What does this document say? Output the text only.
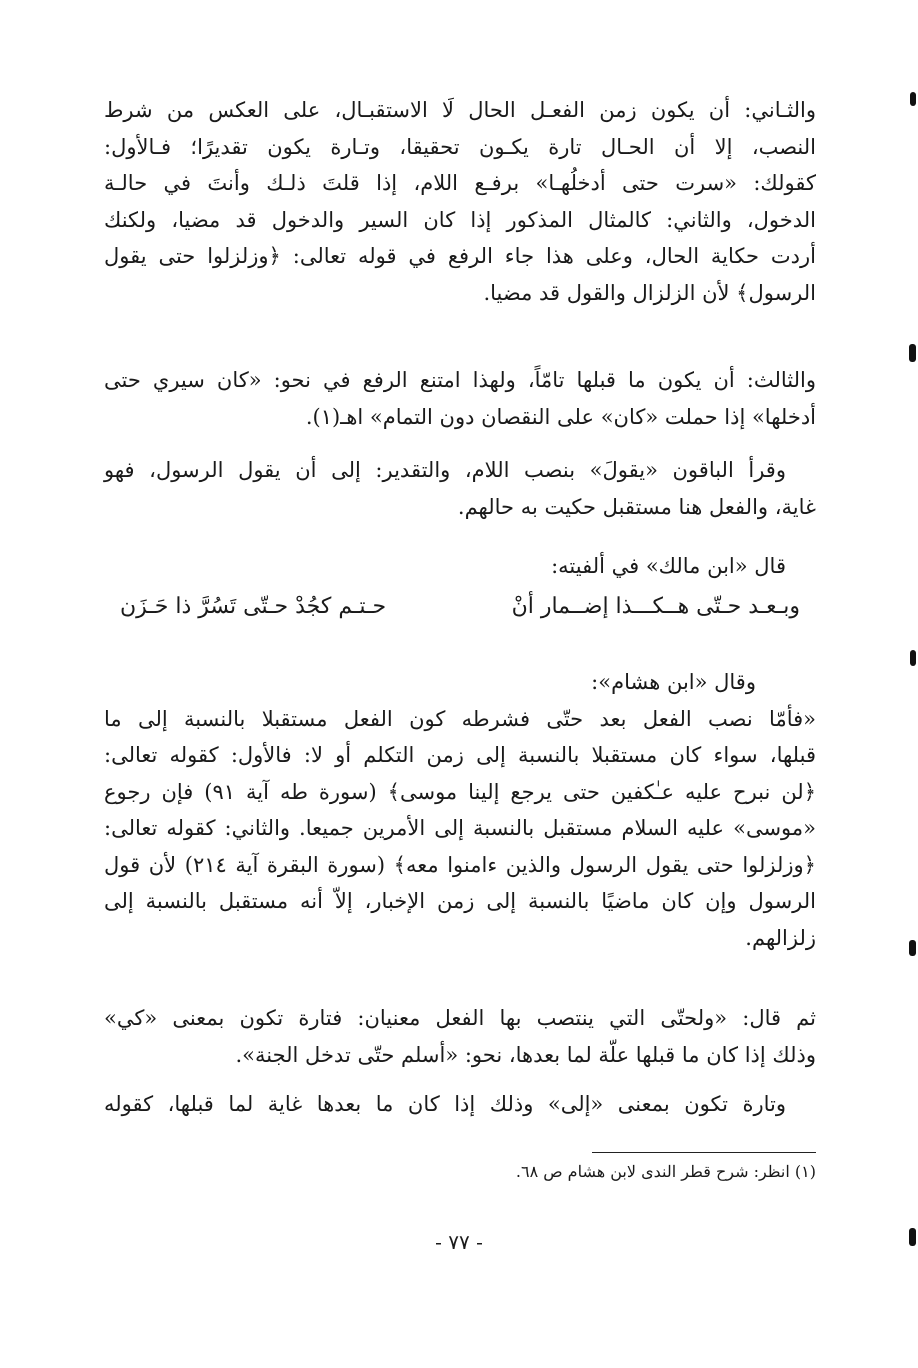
والثـاني: أن يكون زمن الفعـل الحال لَا الاستقبـال، على العكس من شرط
النصب، إلا أن الحـال تارة يكـون تحقيقا، وتـارة يكون تقديرًا؛ فـالأول:
كقولك: «سرت حتى أدخلُهـا» برفـع اللام، إذا قلتَ ذلـك وأنتَ في حالـة
الدخول، والثاني: كالمثال المذكور إذا كان السير والدخول قد مضيا، ولكنك
أردت حكاية الحال، وعلى هذا جاء الرفع في قوله تعالى: ﴿وزلزلوا حتى يقول
الرسول﴾ لأن الزلزال والقول قد مضيا.
والثالث: أن يكون ما قبلها تامّاً، ولهذا امتنع الرفع في نحو: «كان سيري حتى
أدخلها» إذا حملت «كان» على النقصان دون التمام» اهـ(١).
وقرأ الباقون «يقولَ» بنصب اللام، والتقدير: إلى أن يقول الرسول، فهو
غاية، والفعل هنا مستقبل حكيت به حالهم.
قال «ابن مالك» في ألفيته:
وبـعـد حـتّى هــكـــذا إضــمار أنْ
حـتـم كجُدْ حـتّى تَسُرَّ ذا حَـزَن
وقال «ابن هشام»:
«فأمّا نصب الفعل بعد حتّى فشرطه كون الفعل مستقبلا بالنسبة إلى ما
قبلها، سواء كان مستقبلا بالنسبة إلى زمن التكلم أو لا: فالأول: كقوله تعالى:
﴿لن نبرح عليه عـٰكفين حتى يرجع إلينا موسى﴾ (سورة طه آية ٩١) فإن رجوع
«موسى» عليه السلام مستقبل بالنسبة إلى الأمرين جميعا. والثاني: كقوله تعالى:
﴿وزلزلوا حتى يقول الرسول والذين ءامنوا معه﴾ (سورة البقرة آية ٢١٤) لأن قول
الرسول وإن كان ماضيًا بالنسبة إلى زمن الإخبار، إلاّ أنه مستقبل بالنسبة إلى
زلزالهم.
ثم قال: «ولحتّى التي ينتصب بها الفعل معنيان: فتارة تكون بمعنى «كي»
وذلك إذا كان ما قبلها علّة لما بعدها، نحو: «أسلم حتّى تدخل الجنة».
وتارة تكون بمعنى «إلى» وذلك إذا كان ما بعدها غاية لما قبلها، كقوله
(١) انظر: شرح قطر الندى لابن هشام ص ٦٨.
- ٧٧ -
